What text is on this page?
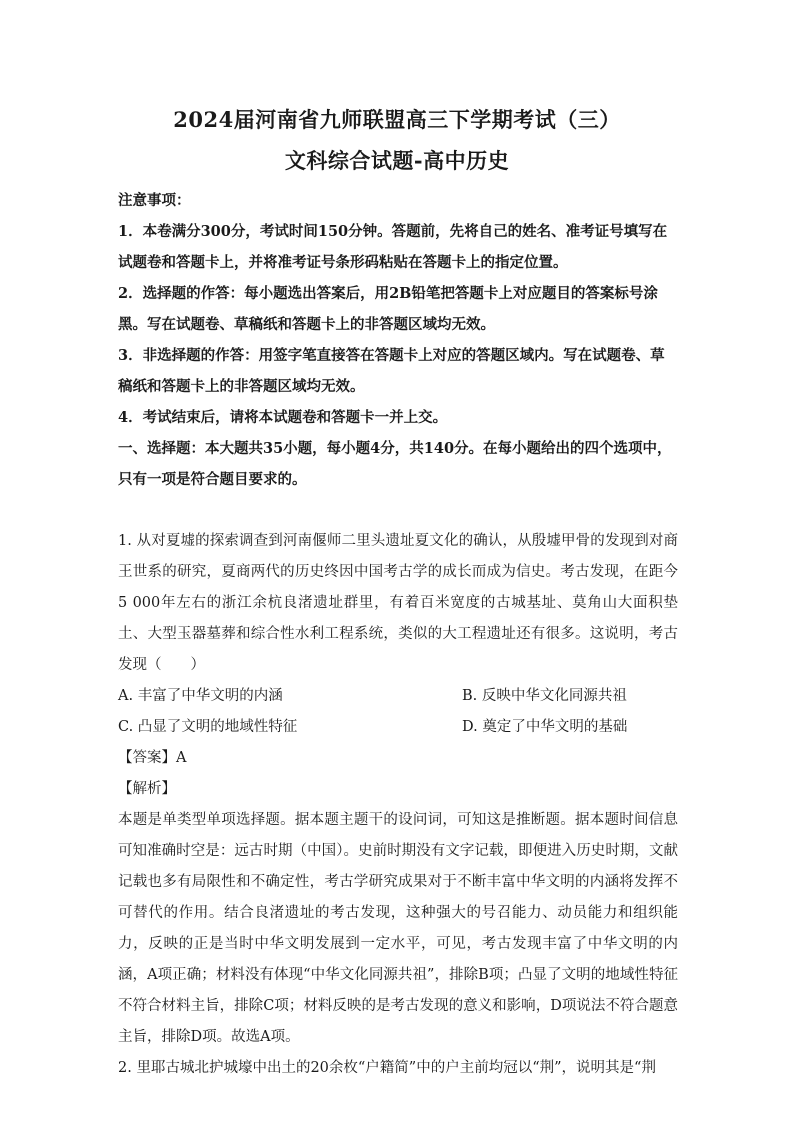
2024届河南省九师联盟高三下学期考试（三）
文科综合试题-高中历史

注意事项：

1．本卷满分300分，考试时间150分钟。答题前，先将自己的姓名、准考证号填写在试题卷和答题卡上，并将准考证号条形码粘贴在答题卡上的指定位置。

2．选择题的作答：每小题选出答案后，用2B铅笔把答题卡上对应题目的答案标号涂黑。写在试题卷、草稿纸和答题卡上的非答题区域均无效。

3．非选择题的作答：用签字笔直接答在答题卡上对应的答题区域内。写在试题卷、草稿纸和答题卡上的非答题区域均无效。

4．考试结束后，请将本试题卷和答题卡一并上交。

一、选择题：本大题共35小题，每小题4分，共140分。在每小题给出的四个选项中，只有一项是符合题目要求的。

1. 从对夏墟的探索调查到河南偃师二里头遗址夏文化的确认，从殷墟甲骨的发现到对商王世系的研究，夏商两代的历史终因中国考古学的成长而成为信史。考古发现，在距今5 000年左右的浙江余杭良渚遗址群里，有着百米宽度的古城基址、莫角山大面积垫土、大型玉器墓葬和综合性水利工程系统，类似的大工程遗址还有很多。这说明，考古发现（　　）

A. 丰富了中华文明的内涵	B. 反映中华文化同源共祖
C. 凸显了文明的地域性特征	D. 奠定了中华文明的基础

【答案】A

【解析】

本题是单类型单项选择题。据本题主题干的设问词，可知这是推断题。据本题时间信息可知准确时空是：远古时期（中国）。史前时期没有文字记载，即便进入历史时期，文献记载也多有局限性和不确定性，考古学研究成果对于不断丰富中华文明的内涵将发挥不可替代的作用。结合良渚遗址的考古发现，这种强大的号召能力、动员能力和组织能力，反映的正是当时中华文明发展到一定水平，可见，考古发现丰富了中华文明的内涵，A项正确；材料没有体现“中华文化同源共祖”，排除B项；凸显了文明的地域性特征不符合材料主旨，排除C项；材料反映的是考古发现的意义和影响，D项说法不符合题意主旨，排除D项。故选A项。

2. 里耶古城北护城壕中出土的20余枚“户籍简”中的户主前均冠以“荆”，说明其是“荆
